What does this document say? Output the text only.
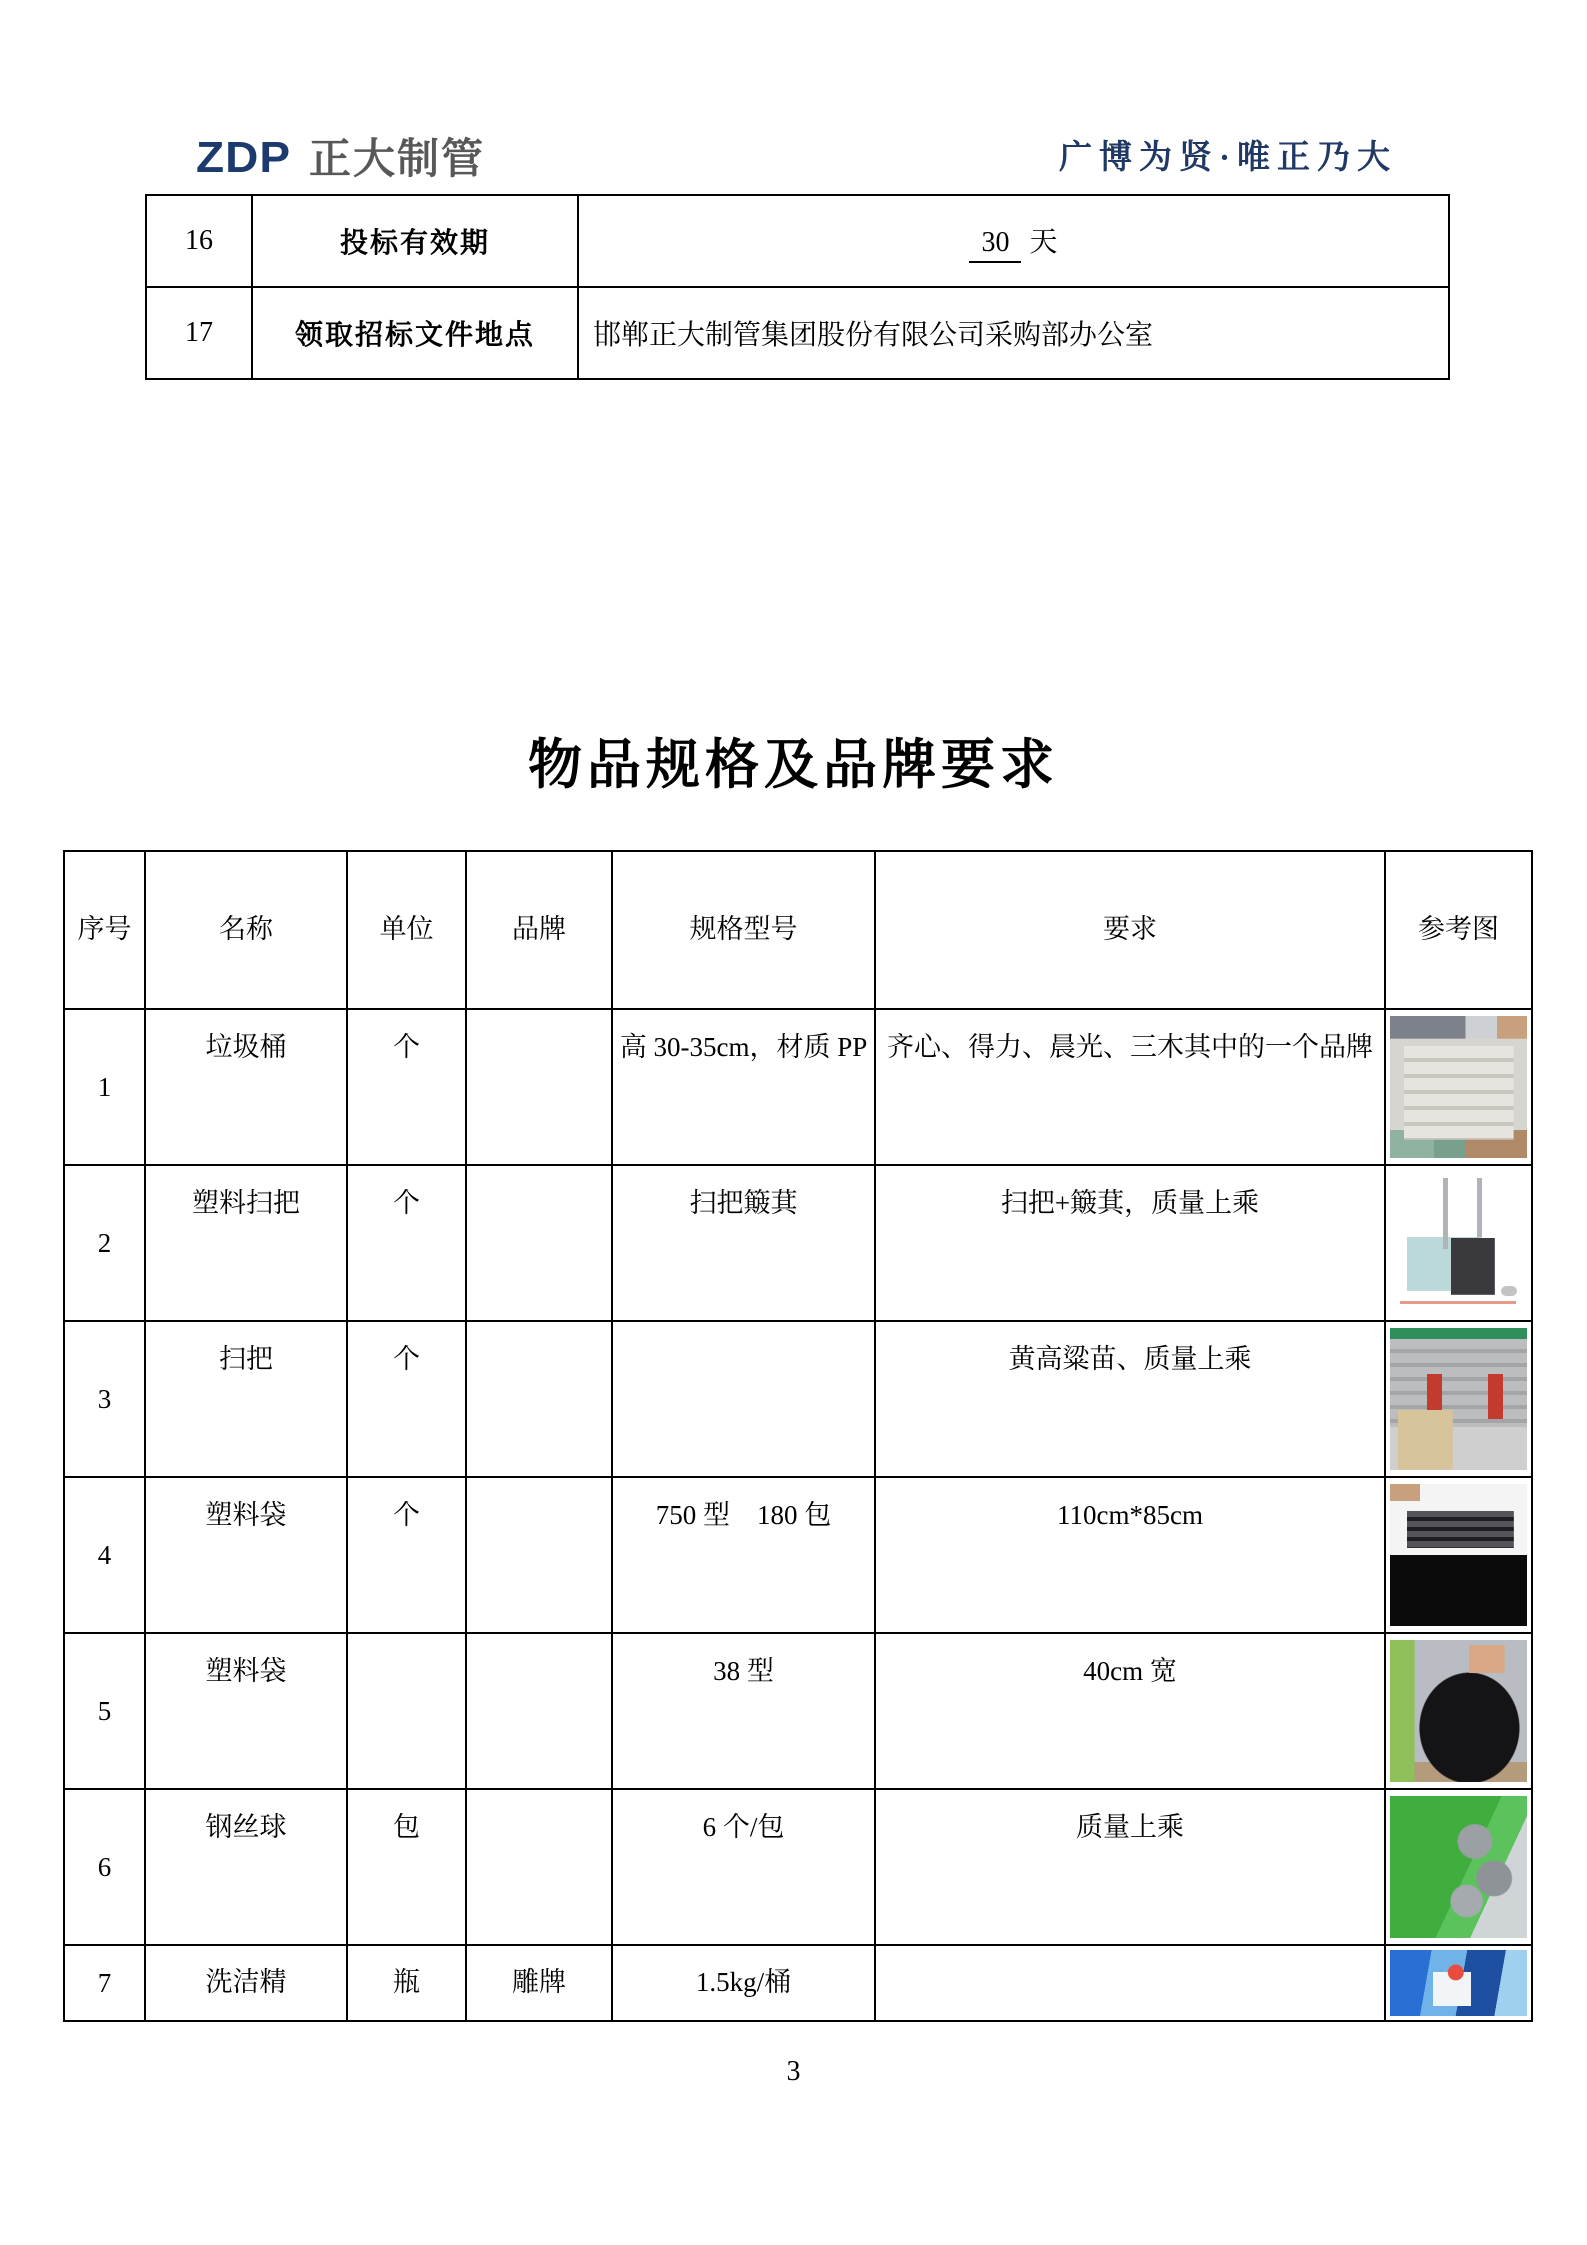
ZDP 正大制管	广博为贤·唯正乃大
16	投标有效期	30 天
17	领取招标文件地点	邯郸正大制管集团股份有限公司采购部办公室
物品规格及品牌要求
序号	名称	单位	品牌	规格型号	要求	参考图
1	垃圾桶	个		高 30-35cm，材质 PP	齐心、得力、晨光、三木其中的一个品牌	

2	塑料扫把	个		扫把簸萁	扫把+簸萁，质量上乘	

3	扫把	个			黄高粱苗、质量上乘	

4	塑料袋	个		750 型　180 包	110cm*85cm	

5	塑料袋			38 型	40cm 宽	

6	钢丝球	包		6 个/包	质量上乘	

7	洗洁精	瓶	雕牌	1.5kg/桶		
3
